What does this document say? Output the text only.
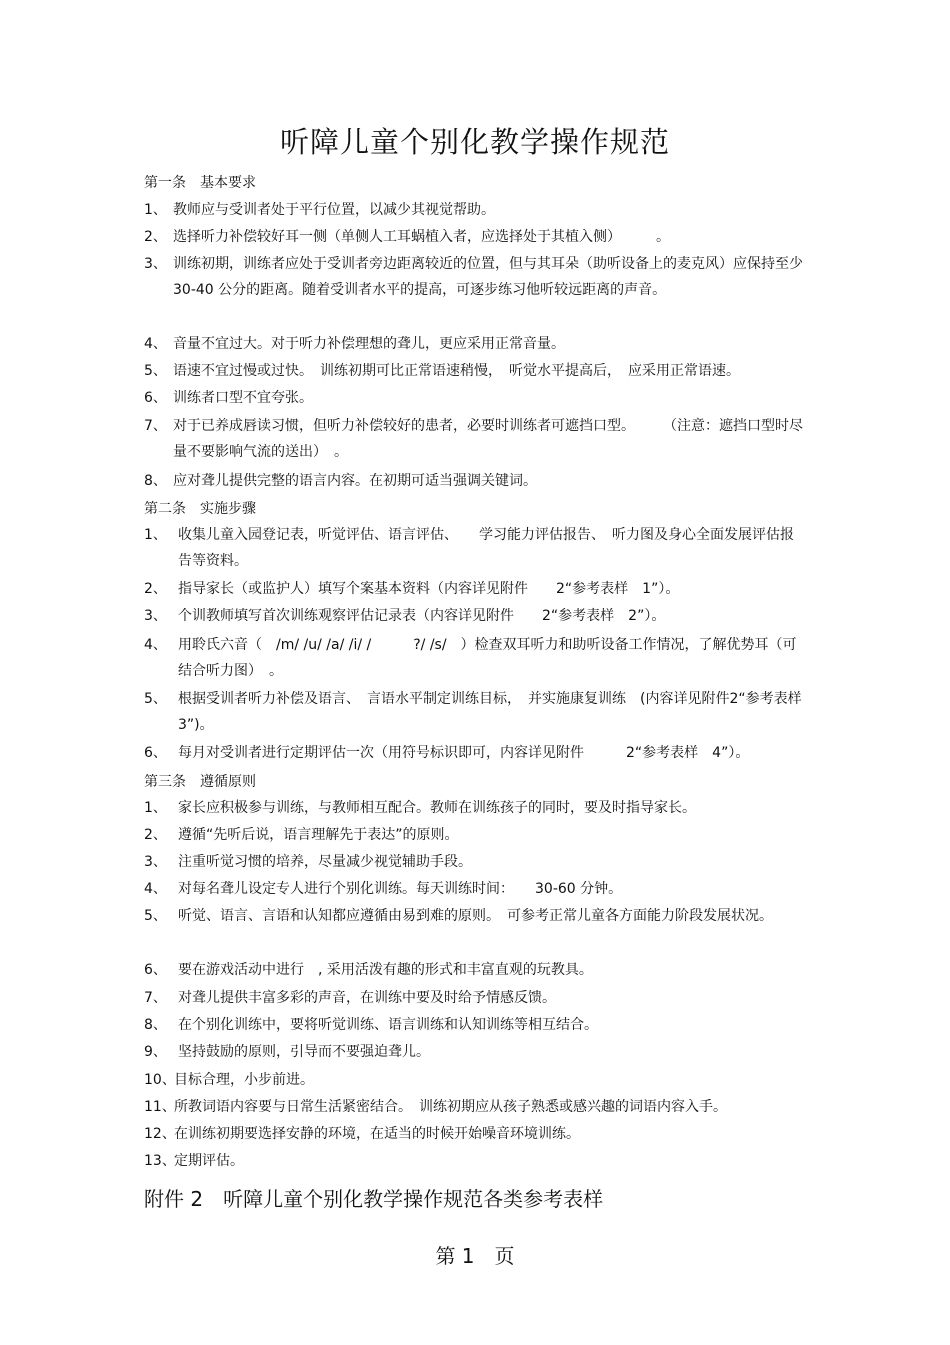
听障儿童个别化教学操作规范
第一条　基本要求
1、 教师应与受训者处于平行位置，以减少其视觉帮助。
2、 选择听力补偿较好耳一侧（单侧人工耳蜗植入者，应选择处于其植入侧）　　　。
3、 训练初期，训练者应处于受训者旁边距离较近的位置，但与其耳朵（助听设备上的麦克风）应保持至少　30-40 公分的距离。随着受训者水平的提高，可逐步练习他听较远距离的声音。
4、 音量不宜过大。对于听力补偿理想的聋儿，更应采用正常音量。
5、 语速不宜过慢或过快。　训练初期可比正常语速稍慢，　听觉水平提高后，　应采用正常语速。
6、 训练者口型不宜夸张。
7、 对于已养成唇读习惯，但听力补偿较好的患者，必要时训练者可遮挡口型。　　　（注意：遮挡口型时尽量不要影响气流的送出）　。
8、 应对聋儿提供完整的语言内容。在初期可适当强调关键词。
第二条　实施步骤
1、 收集儿童入园登记表，听觉评估、语言评估、　　学习能力评估报告、　听力图及身心全面发展评估报告等资料。
2、 指导家长（或监护人）填写个案基本资料（内容详见附件　　2“参考表样　1”）。
3、 个训教师填写首次训练观察评估记录表（内容详见附件　　2“参考表样　2”）。
4、 用聆氏六音（　/m/ /u/ /a/ /i/ /　　　?/ /s/　）检查双耳听力和助听设备工作情况，了解优势耳（可结合听力图）　。
5、 根据受训者听力补偿及语言、　言语水平制定训练目标，　并实施康复训练　(内容详见附件2“参考表样　3”)。
6、 每月对受训者进行定期评估一次（用符号标识即可，内容详见附件　　　2“参考表样　4”）。
第三条　遵循原则
1、 家长应积极参与训练，与教师相互配合。教师在训练孩子的同时，要及时指导家长。
2、 遵循“先听后说，语言理解先于表达”的原则。
3、 注重听觉习惯的培养，尽量减少视觉辅助手段。
4、 对每名聋儿设定专人进行个别化训练。每天训练时间：　　30-60 分钟。
5、 听觉、语言、言语和认知都应遵循由易到难的原则。　可参考正常儿童各方面能力阶段发展状况。
6、 要在游戏活动中进行　, 采用活泼有趣的形式和丰富直观的玩教具。
7、 对聋儿提供丰富多彩的声音，在训练中要及时给予情感反馈。
8、 在个别化训练中，要将听觉训练、语言训练和认知训练等相互结合。
9、 坚持鼓励的原则，引导而不要强迫聋儿。
10、
目标合理，小步前进。
11、
所教词语内容要与日常生活紧密结合。　训练初期应从孩子熟悉或感兴趣的词语内容入手。
12、
在训练初期要选择安静的环境，在适当的时候开始噪音环境训练。
13、
定期评估。
附件 2　听障儿童个别化教学操作规范各类参考表样
第 1　页
